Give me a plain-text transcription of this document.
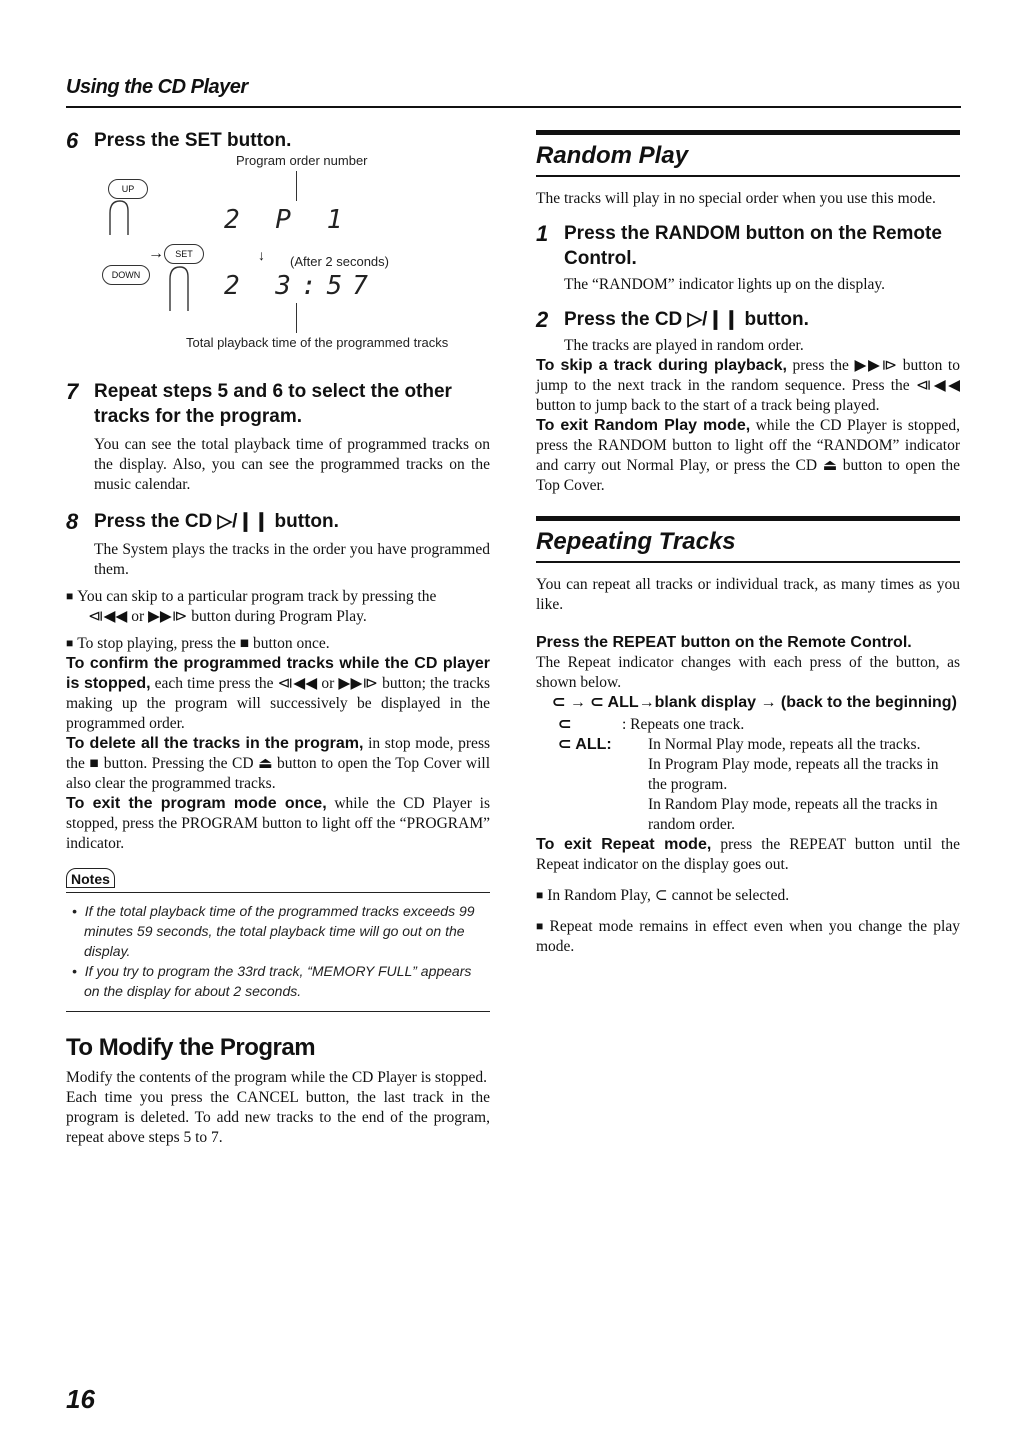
Using the CD Player
6 Press the SET button.
Program order number
UP
→	SET
DOWN
2 P 1
↓ (After 2 seconds)
2 3:57
Total playback time of the programmed tracks
7 Repeat steps 5 and 6 to select the other tracks for the program.

You can see the total playback time of programmed tracks on the display. Also, you can see the programmed tracks on the music calendar.

8 Press the CD ▷/❙❙ button.

The System plays the tracks in the order you have programmed them.

■ You can skip to a particular program track by pressing the

⧏◀◀ or ▶▶⧐ button during Program Play.

■ To stop playing, press the ■ button once.

To confirm the programmed tracks while the CD player is stopped, each time press the ⧏◀◀ or ▶▶⧐ button; the tracks making up the program will successively be displayed in the programmed order.

To delete all the tracks in the program, in stop mode, press the ■ button. Pressing the CD ⏏ button to open the Top Cover will also clear the programmed tracks.

To exit the program mode once, while the CD Player is stopped, press the PROGRAM button to light off the “PROGRAM” indicator.

Notes

•  If the total playback time of the programmed tracks exceeds 99 minutes 59 seconds, the total playback time will go out on the display.

•  If you try to program the 33rd track, “MEMORY FULL” appears on the display for about 2 seconds.

To Modify the Program

Modify the contents of the program while the CD Player is stopped.

Each time you press the CANCEL button, the last track in the program is deleted. To add new tracks to the end of the program, repeat above steps 5 to 7.

Random Play

The tracks will play in no special order when you use this mode.

1 Press the RANDOM button on the Remote Control.

The “RANDOM” indicator lights up on the display.

2 Press the CD ▷/❙❙ button.

The tracks are played in random order.

To skip a track during playback, press the ▶▶⧐ button to jump to the next track in the random sequence. Press the ⧏◀◀ button to jump back to the start of a track being played.

To exit Random Play mode, while the CD Player is stopped, press the RANDOM button to light off the “RANDOM” indicator and carry out Normal Play, or press the CD ⏏ button to open the Top Cover.

Repeating Tracks

You can repeat all tracks or individual track, as many times as you like.

Press the REPEAT button on the Remote Control.

The Repeat indicator changes with each press of the button, as shown below.

⊂ → ⊂ ALL→blank display → (back to the beginning)

⊂	: Repeats one track.
⊂ ALL:	In Normal Play mode, repeats all the tracks.
In Program Play mode, repeats all the tracks in the program.
In Random Play mode, repeats all the tracks in random order.

To exit Repeat mode, press the REPEAT button until the Repeat indicator on the display goes out.

■ In Random Play, ⊂ cannot be selected.

■ Repeat mode remains in effect even when you change the play mode.

16
